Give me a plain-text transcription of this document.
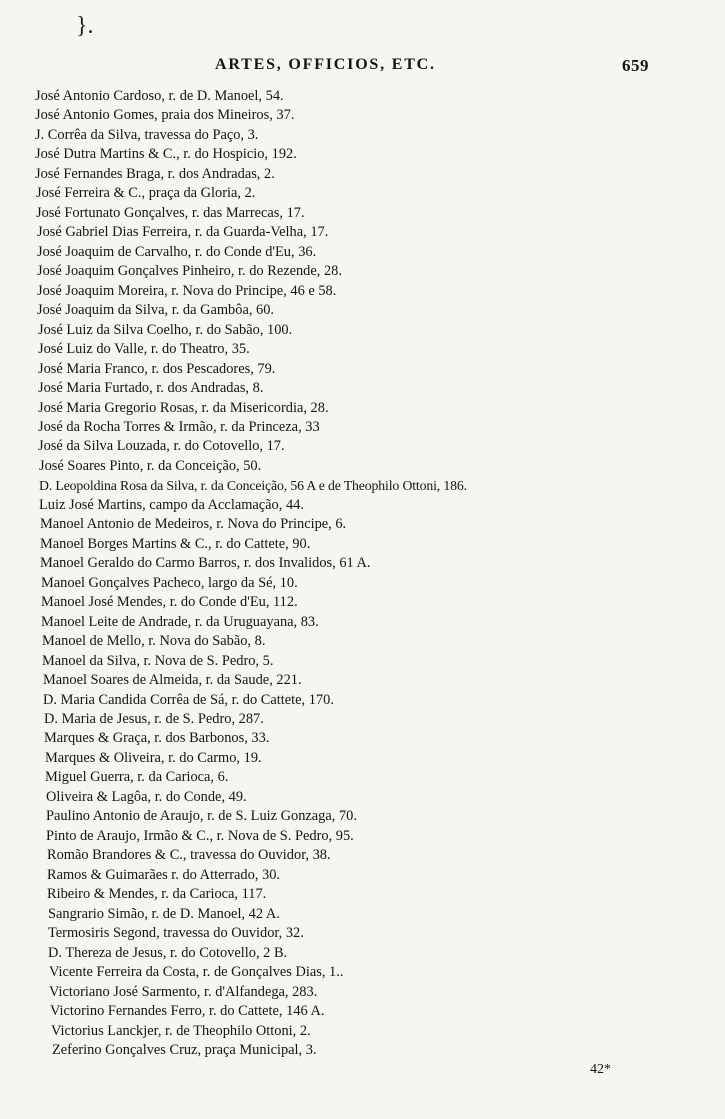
}.
ARTES, OFFICIOS, ETC.	659
José Antonio Cardoso, r. de D. Manoel, 54.
José Antonio Gomes, praia dos Mineiros, 37.
J. Corrêa da Silva, travessa do Paço, 3.
José Dutra Martins & C., r. do Hospicio, 192.
José Fernandes Braga, r. dos Andradas, 2.
José Ferreira & C., praça da Gloria, 2.
José Fortunato Gonçalves, r. das Marrecas, 17.
José Gabriel Dias Ferreira, r. da Guarda-Velha, 17.
José Joaquim de Carvalho, r. do Conde d'Eu, 36.
José Joaquim Gonçalves Pinheiro, r. do Rezende, 28.
José Joaquim Moreira, r. Nova do Principe, 46 e 58.
José Joaquim da Silva, r. da Gambôa, 60.
José Luiz da Silva Coelho, r. do Sabão, 100.
José Luiz do Valle, r. do Theatro, 35.
José Maria Franco, r. dos Pescadores, 79.
José Maria Furtado, r. dos Andradas, 8.
José Maria Gregorio Rosas, r. da Misericordia, 28.
José da Rocha Torres & Irmão, r. da Princeza, 33
José da Silva Louzada, r. do Cotovello, 17.
José Soares Pinto, r. da Conceição, 50.
D. Leopoldina Rosa da Silva, r. da Conceição, 56 A e de Theophilo Ottoni, 186.
Luiz José Martins, campo da Acclamação, 44.
Manoel Antonio de Medeiros, r. Nova do Principe, 6.
Manoel Borges Martins & C., r. do Cattete, 90.
Manoel Geraldo do Carmo Barros, r. dos Invalidos, 61 A.
Manoel Gonçalves Pacheco, largo da Sé, 10.
Manoel José Mendes, r. do Conde d'Eu, 112.
Manoel Leite de Andrade, r. da Uruguayana, 83.
Manoel de Mello, r. Nova do Sabão, 8.
Manoel da Silva, r. Nova de S. Pedro, 5.
Manoel Soares de Almeida, r. da Saude, 221.
D. Maria Candida Corrêa de Sá, r. do Cattete, 170.
D. Maria de Jesus, r. de S. Pedro, 287.
Marques & Graça, r. dos Barbonos, 33.
Marques & Oliveira, r. do Carmo, 19.
Miguel Guerra, r. da Carioca, 6.
Oliveira & Lagôa, r. do Conde, 49.
Paulino Antonio de Araujo, r. de S. Luiz Gonzaga, 70.
Pinto de Araujo, Irmão & C., r. Nova de S. Pedro, 95.
Romão Brandores & C., travessa do Ouvidor, 38.
Ramos & Guimarães r. do Atterrado, 30.
Ribeiro & Mendes, r. da Carioca, 117.
Sangrario Simão, r. de D. Manoel, 42 A.
Termosiris Segond, travessa do Ouvidor, 32.
D. Thereza de Jesus, r. do Cotovello, 2 B.
Vicente Ferreira da Costa, r. de Gonçalves Dias, 1..
Victoriano José Sarmento, r. d'Alfandega, 283.
Victorino Fernandes Ferro, r. do Cattete, 146 A.
Victorius Lanckjer, r. de Theophilo Ottoni, 2.
Zeferino Gonçalves Cruz, praça Municipal, 3.
42*
